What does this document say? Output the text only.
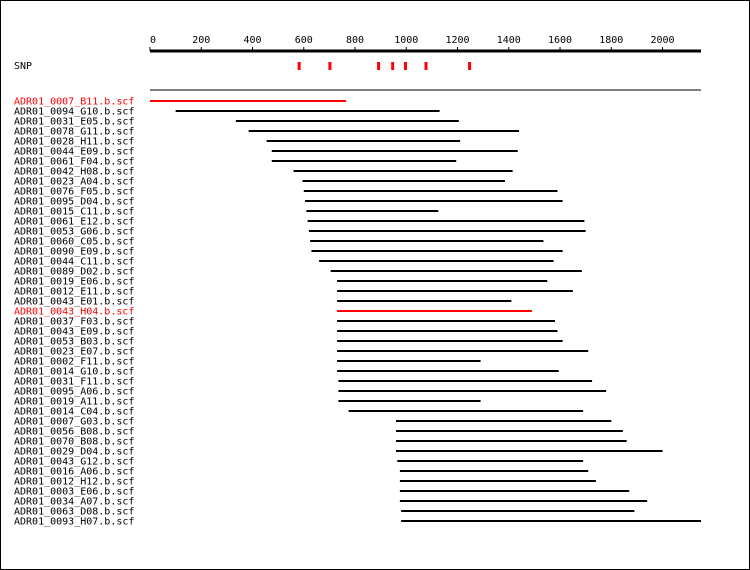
0	200	400	600	800	1000	1200	1400	1600	1800	2000
SNP
ADR01_0007_B11.b.scf
ADR01_0094_G10.b.scf
ADR01_0031_E05.b.scf
ADR01_0078_G11.b.scf
ADR01_0028_H11.b.scf
ADR01_0044_E09.b.scf
ADR01_0061_F04.b.scf
ADR01_0042_H08.b.scf
ADR01_0023_A04.b.scf
ADR01_0076_F05.b.scf
ADR01_0095_D04.b.scf
ADR01_0015_C11.b.scf
ADR01_0061_E12.b.scf
ADR01_0053_G06.b.scf
ADR01_0060_C05.b.scf
ADR01_0090_E09.b.scf
ADR01_0044_C11.b.scf
ADR01_0089_D02.b.scf
ADR01_0019_E06.b.scf
ADR01_0012_E11.b.scf
ADR01_0043_E01.b.scf
ADR01_0043_H04.b.scf
ADR01_0037_F03.b.scf
ADR01_0043_E09.b.scf
ADR01_0053_B03.b.scf
ADR01_0023_E07.b.scf
ADR01_0002_F11.b.scf
ADR01_0014_G10.b.scf
ADR01_0031_F11.b.scf
ADR01_0095_A06.b.scf
ADR01_0019_A11.b.scf
ADR01_0014_C04.b.scf
ADR01_0007_G03.b.scf
ADR01_0056_B08.b.scf
ADR01_0070_B08.b.scf
ADR01_0029_D04.b.scf
ADR01_0043_G12.b.scf
ADR01_0016_A06.b.scf
ADR01_0012_H12.b.scf
ADR01_0003_E06.b.scf
ADR01_0034_A07.b.scf
ADR01_0063_D08.b.scf
ADR01_0093_H07.b.scf
